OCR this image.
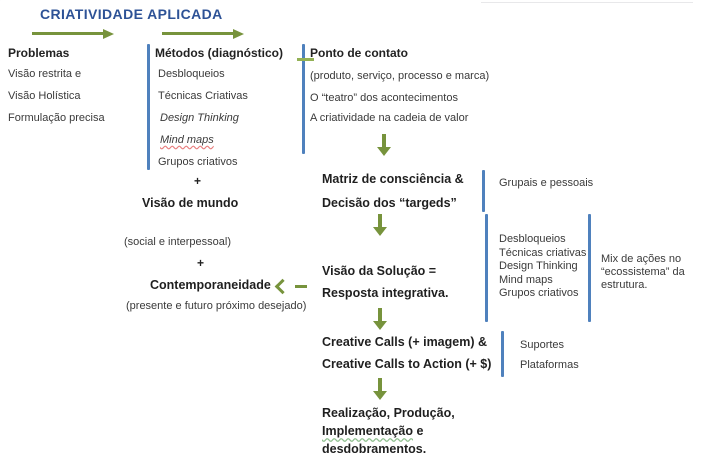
CRIATIVIDADE APLICADA
Problemas
Visão restrita e
Visão Holística
Formulação precisa
Métodos (diagnóstico)
Desbloqueios
Técnicas Criativas
Design Thinking
Mind maps
Grupos criativos
Ponto de contato
(produto, serviço, processo e marca)
O “teatro” dos acontecimentos
A criatividade na cadeia de valor
+
Visão de mundo
(social e interpessoal)
+
Contemporaneidade
(presente e futuro próximo desejado)
Matriz de consciência &
Decisão dos “targeds”
Grupais e pessoais
Visão da Solução =
Resposta integrativa.
Desbloqueios
Técnicas criativas
Design Thinking
Mind maps
Grupos criativos
Mix de ações no
“ecossistema” da
estrutura.
Creative Calls (+ imagem) &
Creative Calls to Action (+ $)
Suportes
Plataformas
Realização, Produção,
Implementação e
desdobramentos.
